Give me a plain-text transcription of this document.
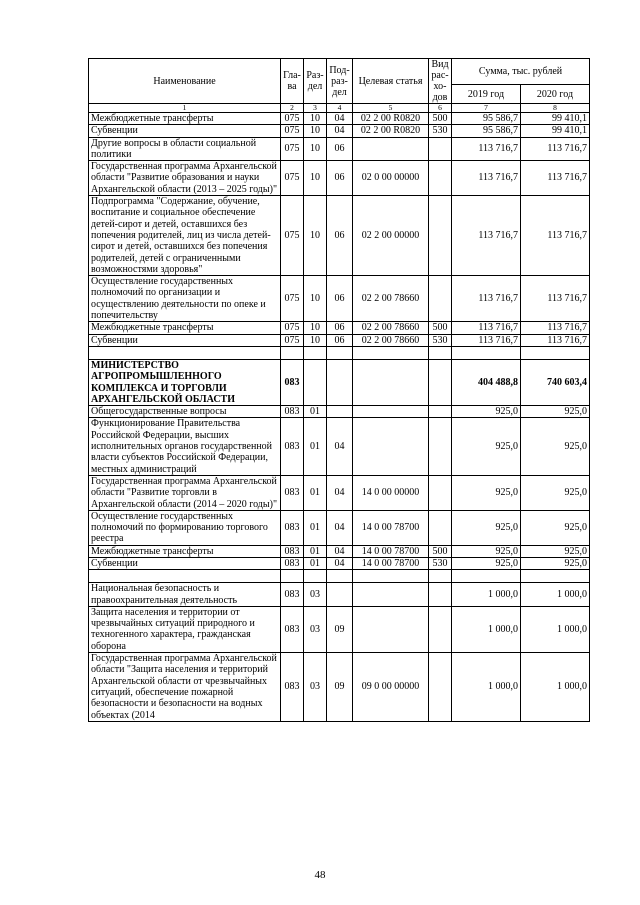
Наименование	Гла-ва	Раз-дел	Под-раз-дел	Целевая статья	Вид рас-хо-дов	Сумма, тыс. рублей	
						2019 год	2020 год
1	2	3	4	5	6	7	8
Межбюджетные трансферты	075	10	04	02 2 00 R0820	500	95 586,7	99 410,1
Субвенции	075	10	04	02 2 00 R0820	530	95 586,7	99 410,1
Другие вопросы в области социальной политики	075	10	06			113 716,7	113 716,7
Государственная программа Архангельской области "Развитие образования и науки Архангельской области (2013 – 2025 годы)"	075	10	06	02 0 00 00000		113 716,7	113 716,7
Подпрограмма "Содержание, обучение, воспитание и социальное обеспечение детей-сирот и детей, оставшихся без попечения родителей, лиц из числа детей-сирот и детей, оставшихся без попечения родителей, детей с ограниченными возможностями здоровья"	075	10	06	02 2 00 00000		113 716,7	113 716,7
Осуществление государственных полномочий по организации и осуществлению деятельности по опеке и попечительству	075	10	06	02 2 00 78660		113 716,7	113 716,7
Межбюджетные трансферты	075	10	06	02 2 00 78660	500	113 716,7	113 716,7
Субвенции	075	10	06	02 2 00 78660	530	113 716,7	113 716,7

МИНИСТЕРСТВО АГРОПРОМЫШЛЕННОГО КОМПЛЕКСА И ТОРГОВЛИ АРХАНГЕЛЬСКОЙ ОБЛАСТИ	083					404 488,8	740 603,4
Общегосударственные вопросы	083	01				925,0	925,0
Функционирование Правительства Российской Федерации, высших исполнительных органов государственной власти субъектов Российской Федерации, местных администраций	083	01	04			925,0	925,0
Государственная программа Архангельской области "Развитие торговли в Архангельской области (2014 – 2020 годы)"	083	01	04	14 0 00 00000		925,0	925,0
Осуществление государственных полномочий по формированию торгового реестра	083	01	04	14 0 00 78700		925,0	925,0
Межбюджетные трансферты	083	01	04	14 0 00 78700	500	925,0	925,0
Субвенции	083	01	04	14 0 00 78700	530	925,0	925,0

Национальная безопасность и правоохранительная деятельность	083	03				1 000,0	1 000,0
Защита населения и территории от чрезвычайных ситуаций природного и техногенного характера, гражданская оборона	083	03	09			1 000,0	1 000,0
Государственная программа Архангельской области "Защита населения и территорий Архангельской области от чрезвычайных ситуаций, обеспечение пожарной безопасности и безопасности на водных объектах (2014	083	03	09	09 0 00 00000		1 000,0	1 000,0
48
